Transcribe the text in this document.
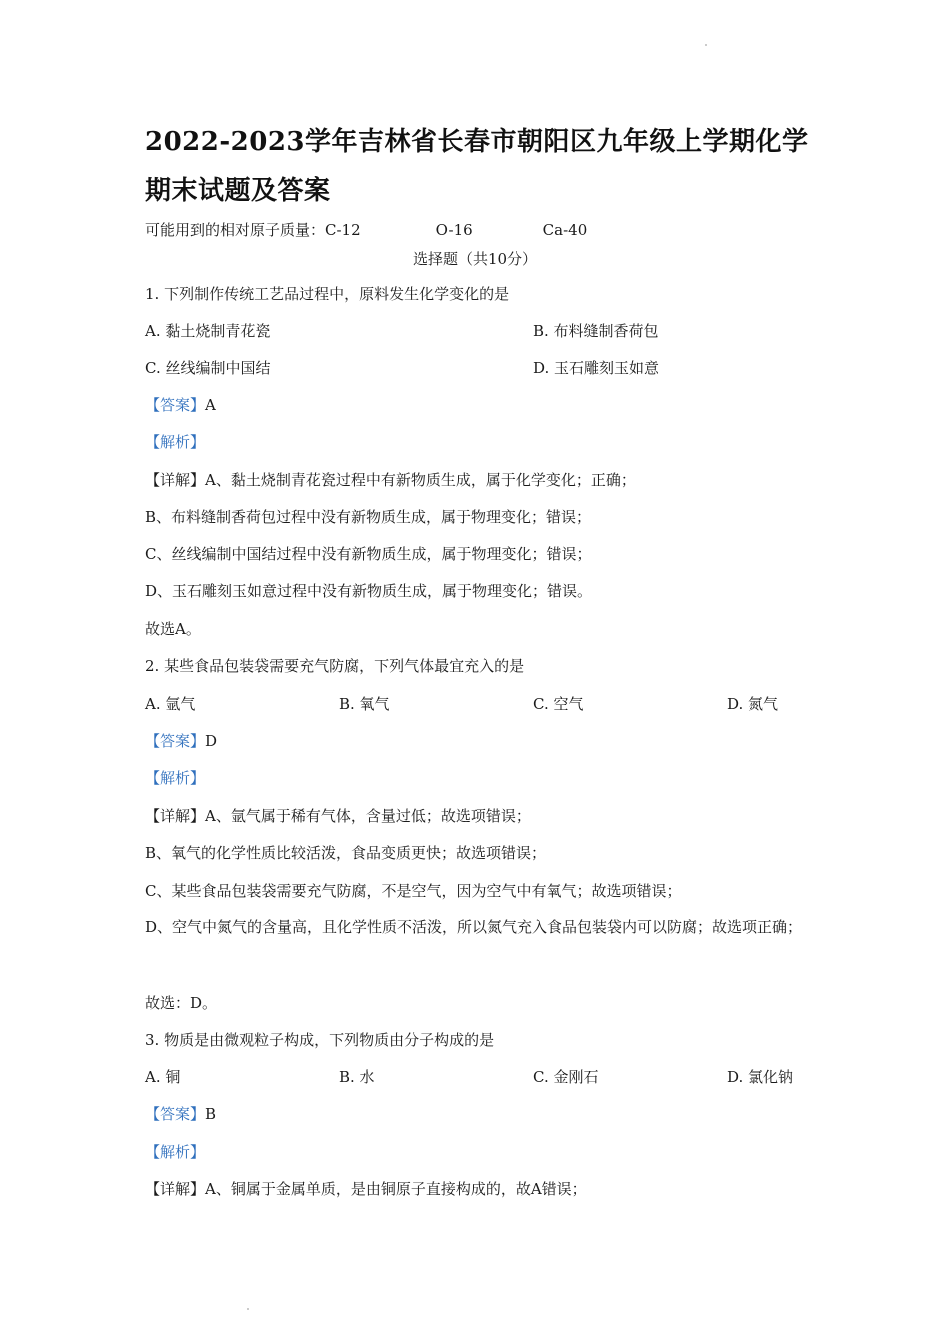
2022-2023学年吉林省长春市朝阳区九年级上学期化学期末试题及答案
可能用到的相对原子质量：C-12	O-16	Ca-40
选择题（共10分）
1. 下列制作传统工艺品过程中，原料发生化学变化的是
A. 黏土烧制青花瓷	B. 布料缝制香荷包
C. 丝线编制中国结	D. 玉石雕刻玉如意
【答案】A
【解析】
【详解】A、黏土烧制青花瓷过程中有新物质生成，属于化学变化；正确；
B、布料缝制香荷包过程中没有新物质生成，属于物理变化；错误；
C、丝线编制中国结过程中没有新物质生成，属于物理变化；错误；
D、玉石雕刻玉如意过程中没有新物质生成，属于物理变化；错误。
故选A。
2. 某些食品包装袋需要充气防腐，下列气体最宜充入的是
A. 氩气	B. 氧气	C. 空气	D. 氮气
【答案】D
【解析】
【详解】A、氩气属于稀有气体，含量过低；故选项错误；
B、氧气的化学性质比较活泼，食品变质更快；故选项错误；
C、某些食品包装袋需要充气防腐，不是空气，因为空气中有氧气；故选项错误；
D、空气中氮气的含量高，且化学性质不活泼，所以氮气充入食品包装袋内可以防腐；故选项正确；
故选：D。
3. 物质是由微观粒子构成，下列物质由分子构成的是
A. 铜	B. 水	C. 金刚石	D. 氯化钠
【答案】B
【解析】
【详解】A、铜属于金属单质，是由铜原子直接构成的，故A错误；
